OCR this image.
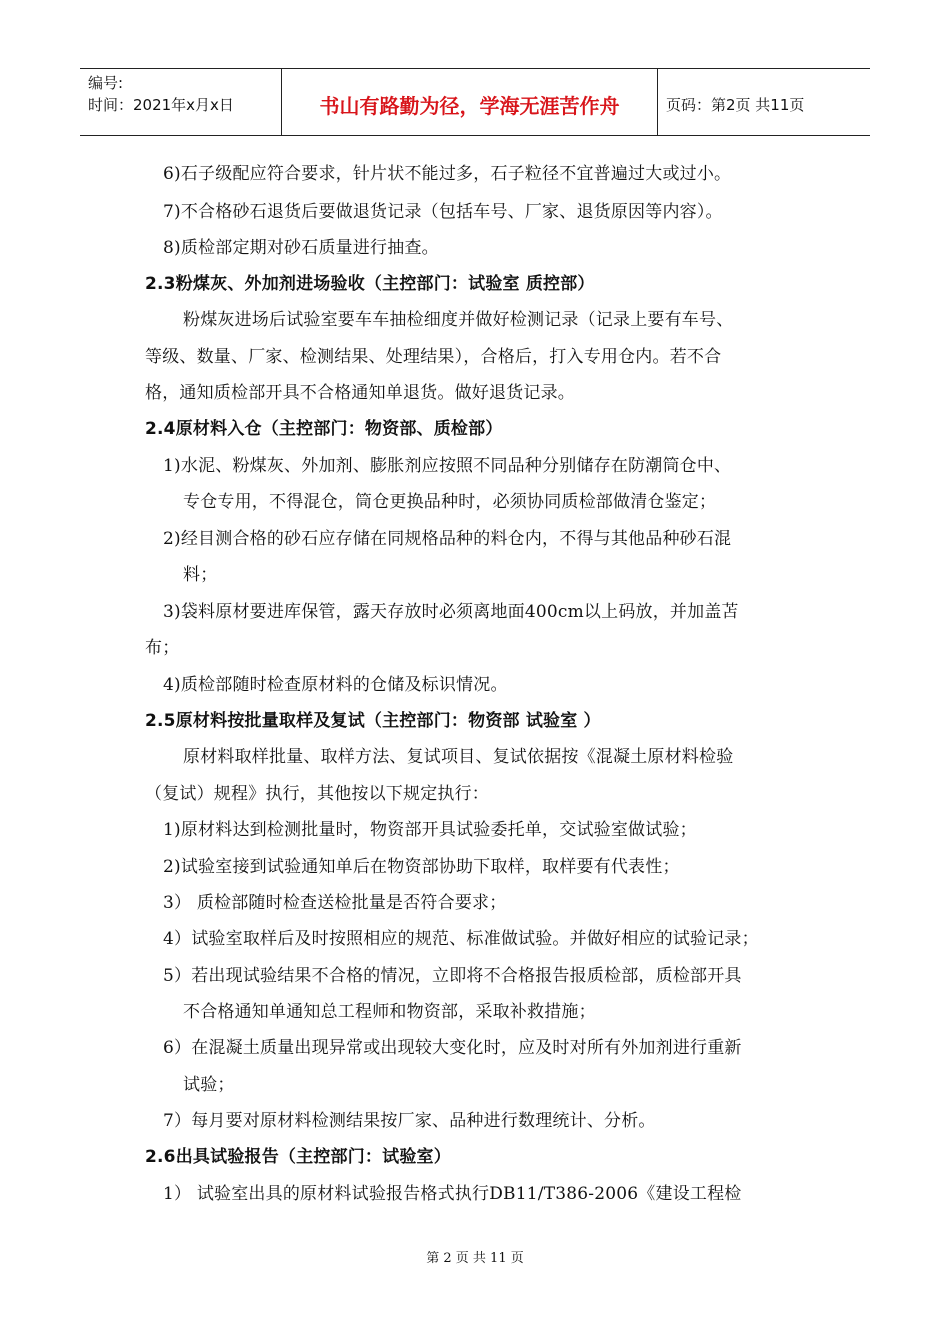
编号:
时间：2021年x月x日	书山有路勤为径，学海无涯苦作舟	页码：第2页 共11页
6)石子级配应符合要求，针片状不能过多，石子粒径不宜普遍过大或过小。
7)不合格砂石退货后要做退货记录（包括车号、厂家、退货原因等内容）。
8)质检部定期对砂石质量进行抽查。
2.3粉煤灰、外加剂进场验收（主控部门：试验室 质控部）
粉煤灰进场后试验室要车车抽检细度并做好检测记录（记录上要有车号、
等级、数量、厂家、检测结果、处理结果），合格后，打入专用仓内。若不合
格，通知质检部开具不合格通知单退货。做好退货记录。
2.4原材料入仓（主控部门：物资部、质检部）
1)水泥、粉煤灰、外加剂、膨胀剂应按照不同品种分别储存在防潮筒仓中、
专仓专用，不得混仓，筒仓更换品种时，必须协同质检部做清仓鉴定；
2)经目测合格的砂石应存储在同规格品种的料仓内，不得与其他品种砂石混
料；
3)袋料原材要进库保管，露天存放时必须离地面400cm以上码放，并加盖苫
布；
4)质检部随时检查原材料的仓储及标识情况。
2.5原材料按批量取样及复试（主控部门：物资部 试验室 ）
原材料取样批量、取样方法、复试项目、复试依据按《混凝土原材料检验
（复试）规程》执行，其他按以下规定执行：
1)原材料达到检测批量时，物资部开具试验委托单，交试验室做试验；
2)试验室接到试验通知单后在物资部协助下取样，取样要有代表性；
3） 质检部随时检查送检批量是否符合要求；
4）试验室取样后及时按照相应的规范、标准做试验。并做好相应的试验记录；
5）若出现试验结果不合格的情况，立即将不合格报告报质检部，质检部开具
不合格通知单通知总工程师和物资部，采取补救措施；
6）在混凝土质量出现异常或出现较大变化时，应及时对所有外加剂进行重新
试验；
7）每月要对原材料检测结果按厂家、品种进行数理统计、分析。
2.6出具试验报告（主控部门：试验室）
1） 试验室出具的原材料试验报告格式执行DB11/T386-2006《建设工程检
第 2 页 共 11 页
